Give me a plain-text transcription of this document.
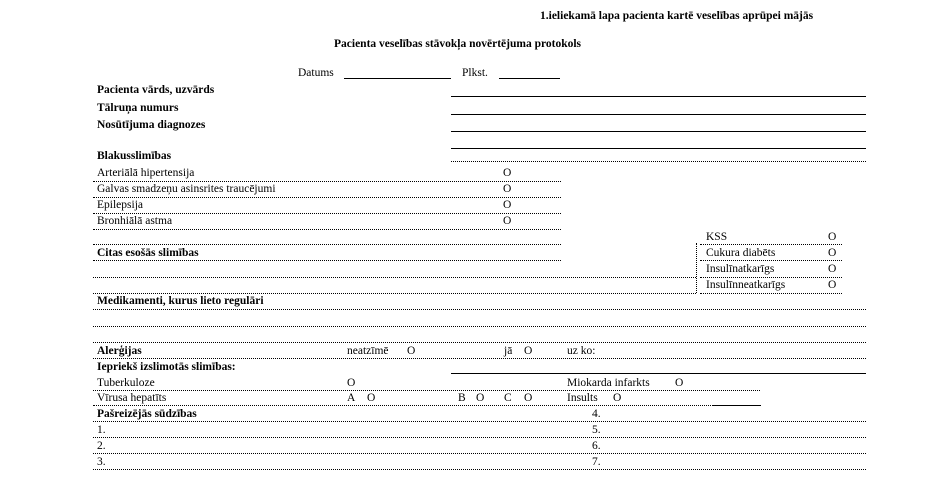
1.ieliekamā lapa pacienta kartē veselības aprūpei mājās
Pacienta veselības stāvokļa novērtējuma protokols
Datums	Plkst.
Pacienta vārds, uzvārds
Tālruņa numurs
Nosūtījuma diagnozes
Blakusslimības
Arteriālā hipertensija	O
Galvas smadzeņu asinsrites traucējumi	O
Epilepsija	O
Bronhiālā astma	O
Citas esošās slimības
KSS	O
Cukura diabēts	O
Insulīnatkarīgs	O
Insulīnneatkarīgs	O
Medikamenti, kurus lieto regulāri
Alerģijas	neatzīmē O	jā O	uz ko:
Iepriekš izslimotās slimības:
Tuberkuloze	O	Miokarda infarkts O
Vīrusa hepatīts	A O	B O C O	Insults O
Pašreizējās sūdzības	4.
1.	5.
2.	6.
3.	7.
